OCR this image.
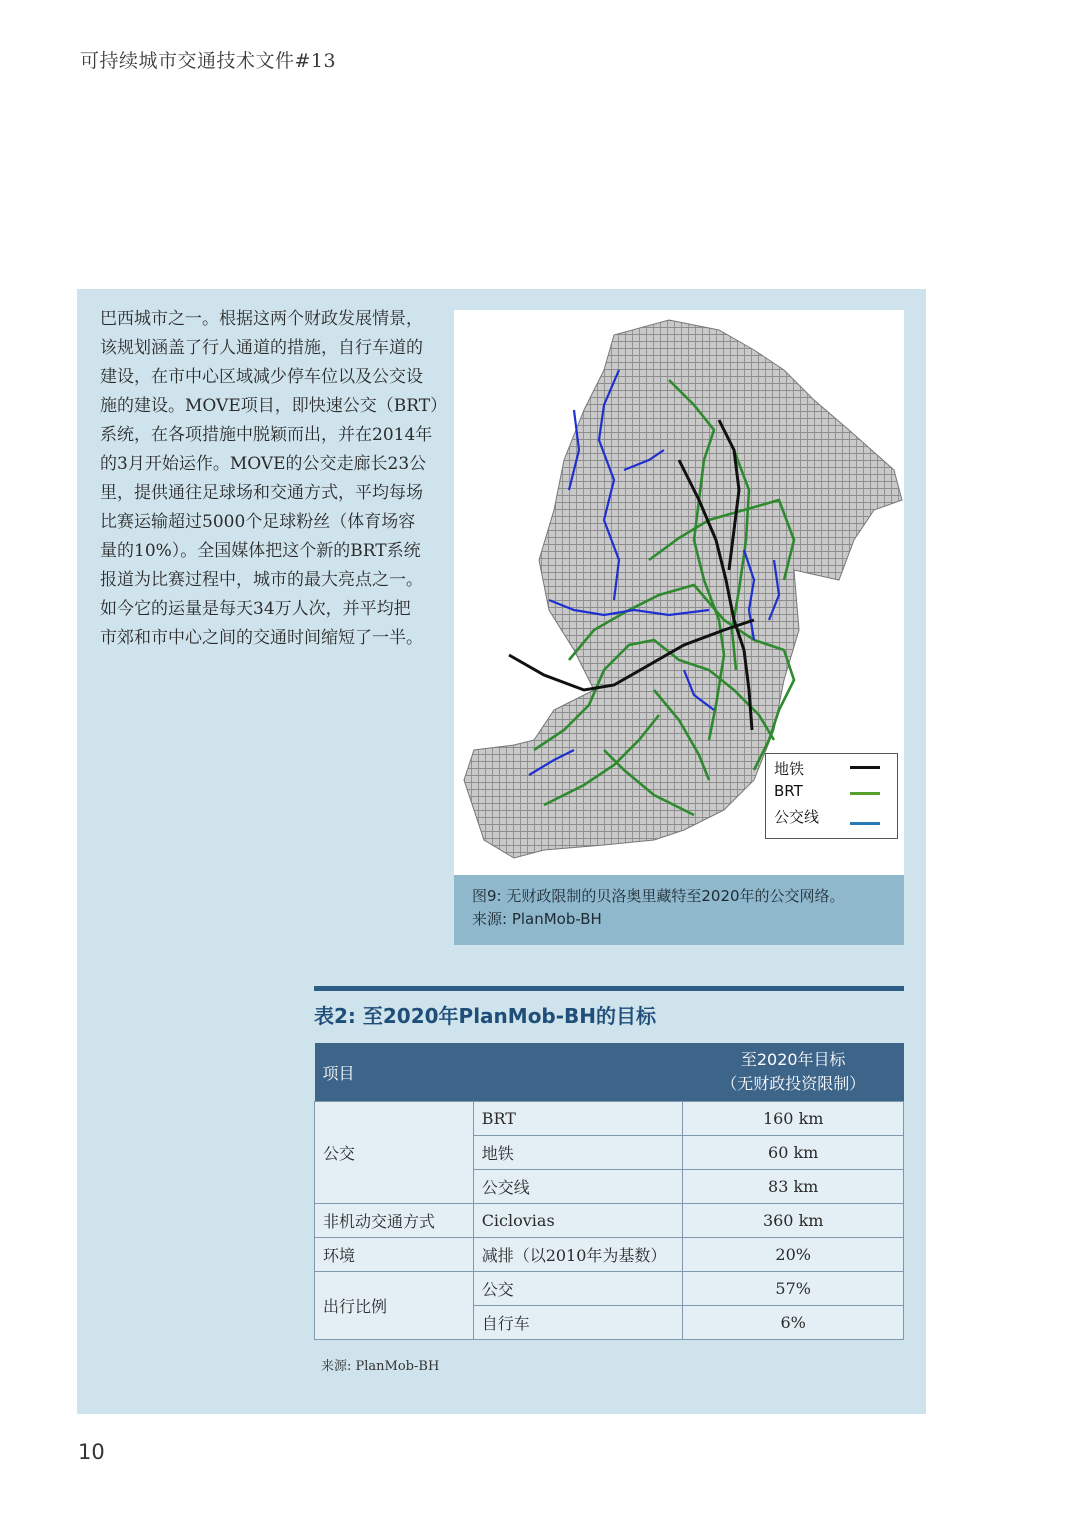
可持续城市交通技术文件#13

巴西城市之一。根据这两个财政发展情景，

该规划涵盖了行人通道的措施，自行车道的

建设，在市中心区域减少停车位以及公交设

施的建设。MOVE项目，即快速公交（BRT）

系统，在各项措施中脱颖而出，并在2014年

的3月开始运作。MOVE的公交走廊长23公

里，提供通往足球场和交通方式，平均每场

比赛运输超过5000个足球粉丝（体育场容

量的10%）。全国媒体把这个新的BRT系统

报道为比赛过程中，城市的最大亮点之一。

如今它的运量是每天34万人次，并平均把

市郊和市中心之间的交通时间缩短了一半。

地铁
BRT
公交线
图9: 无财政限制的贝洛奥里藏特至2020年的公交网络。
来源: PlanMob-BH
表2: 至2020年PlanMob-BH的目标
项目		至2020年目标
（无财政投资限制）

公交	BRT	160 km
	地铁	60 km
	公交线	83 km
非机动交通方式	Ciclovias	360 km
环境	减排（以2010年为基数）	20%
出行比例	公交	57%
	自行车	6%
来源: PlanMob-BH
10
